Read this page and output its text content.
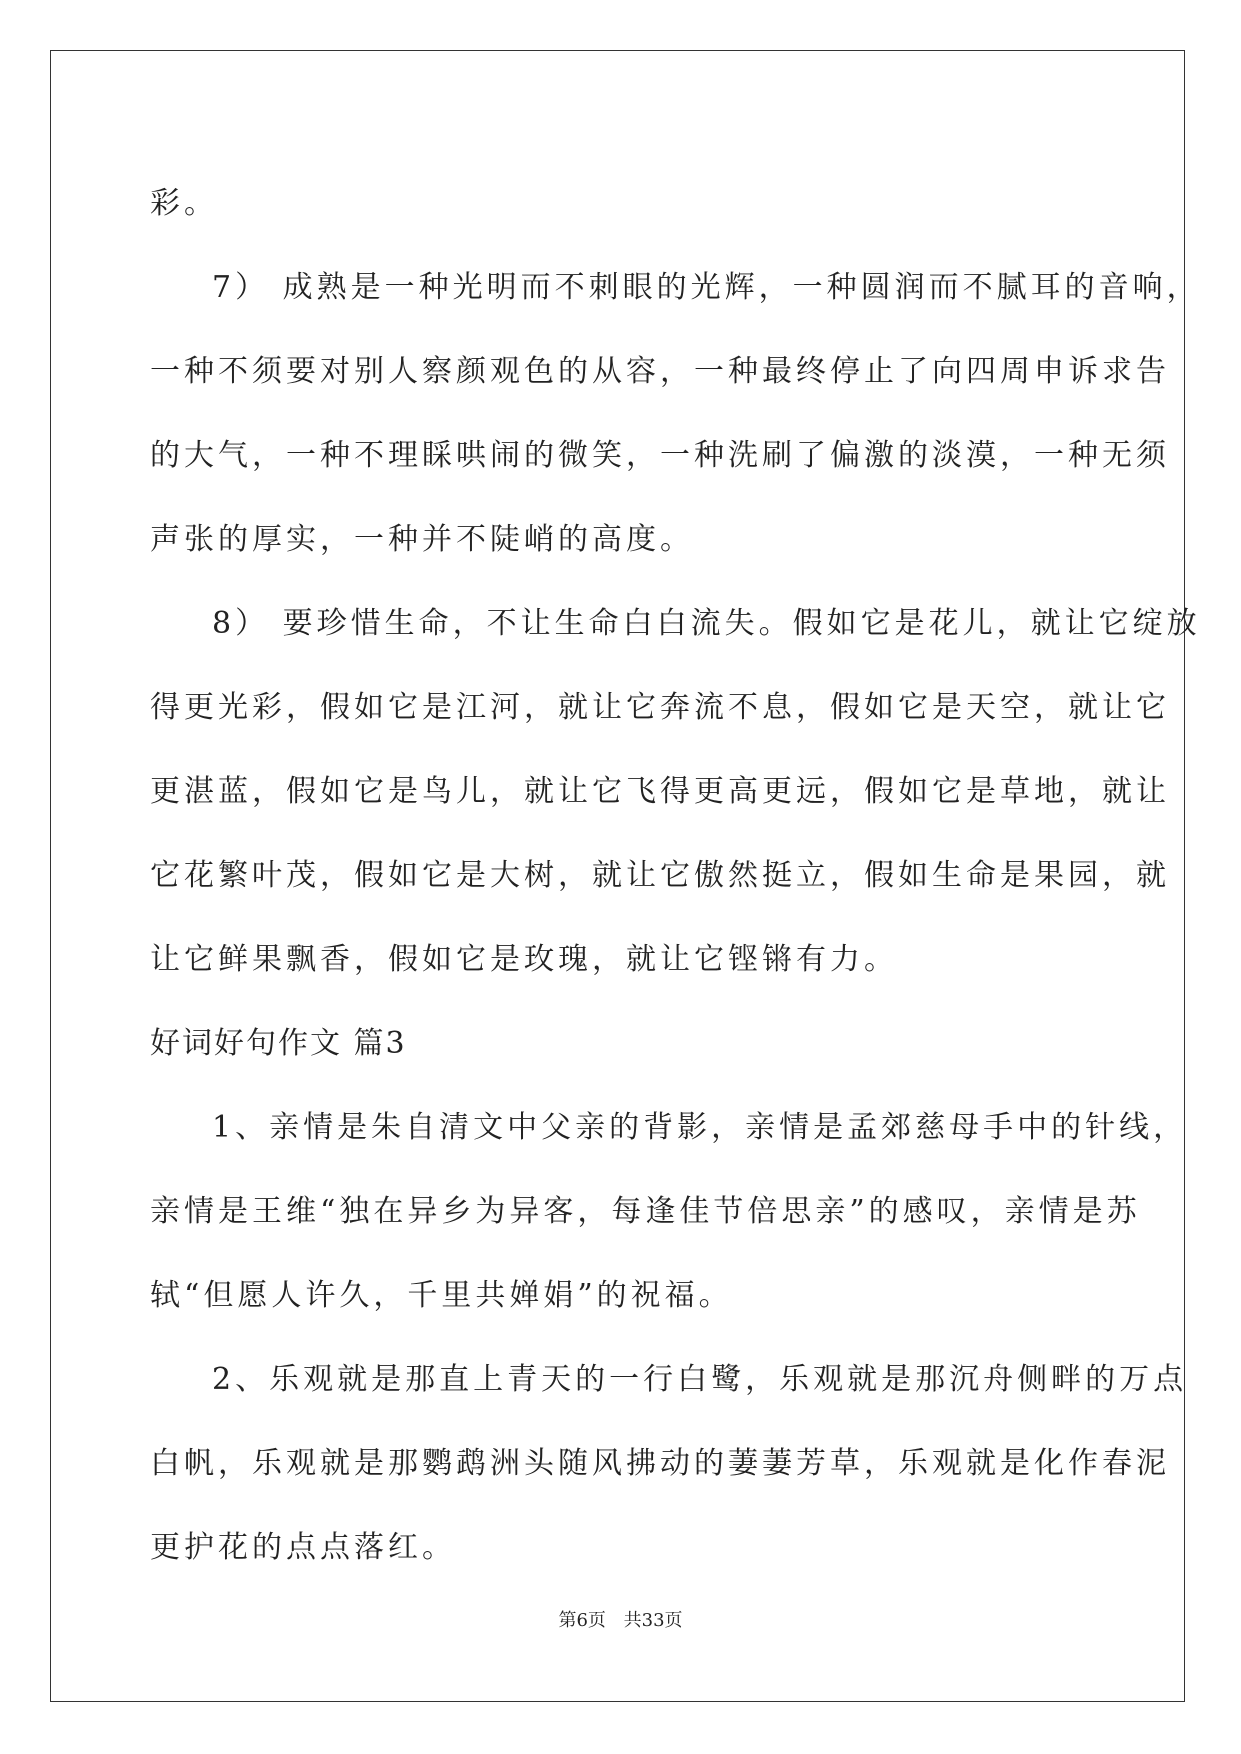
彩。
7） 成熟是一种光明而不刺眼的光辉，一种圆润而不腻耳的音响，
一种不须要对别人察颜观色的从容，一种最终停止了向四周申诉求告
的大气，一种不理睬哄闹的微笑，一种洗刷了偏激的淡漠，一种无须
声张的厚实，一种并不陡峭的高度。
8） 要珍惜生命，不让生命白白流失。假如它是花儿，就让它绽放
得更光彩，假如它是江河，就让它奔流不息，假如它是天空，就让它
更湛蓝，假如它是鸟儿，就让它飞得更高更远，假如它是草地，就让
它花繁叶茂，假如它是大树，就让它傲然挺立，假如生命是果园，就
让它鲜果飘香，假如它是玫瑰，就让它铿锵有力。
好词好句作文 篇3
1、亲情是朱自清文中父亲的背影，亲情是孟郊慈母手中的针线，
亲情是王维“独在异乡为异客，每逢佳节倍思亲”的感叹，亲情是苏
轼“但愿人许久，千里共婵娟”的祝福。
2、乐观就是那直上青天的一行白鹭，乐观就是那沉舟侧畔的万点
白帆，乐观就是那鹦鹉洲头随风拂动的萋萋芳草，乐观就是化作春泥
更护花的点点落红。
第6页 共33页
